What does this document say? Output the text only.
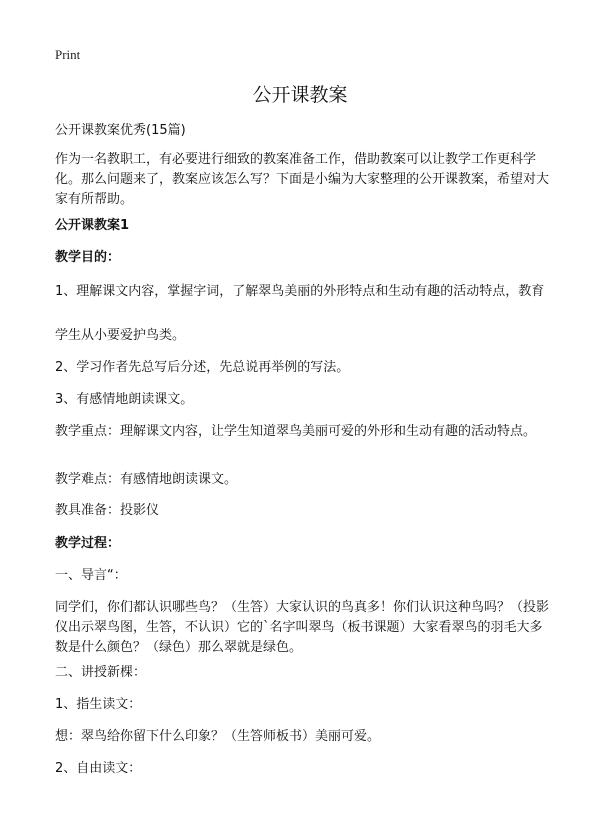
Print
公开课教案

公开课教案优秀(15篇)

作为一名教职工，有必要进行细致的教案准备工作，借助教案可以让教学工作更科学化。那么问题来了，教案应该怎么写？下面是小编为大家整理的公开课教案，希望对大家有所帮助。

公开课教案1

教学目的：

1、理解课文内容，掌握字词，了解翠鸟美丽的外形特点和生动有趣的活动特点，教育

学生从小要爱护鸟类。

2、学习作者先总写后分述，先总说再举例的写法。

3、有感情地朗读课文。

教学重点：理解课文内容，让学生知道翠鸟美丽可爱的外形和生动有趣的活动特点。

教学难点：有感情地朗读课文。

教具准备：投影仪

教学过程：

一、导言“：

同学们，你们都认识哪些鸟？（生答）大家认识的鸟真多！你们认识这种鸟吗？（投影仪出示翠鸟图，生答，不认识）它的`名字叫翠鸟（板书课题）大家看翠鸟的羽毛大多数是什么颜色？（绿色）那么翠就是绿色。

二、讲授新棵：

1、指生读文：

想：翠鸟给你留下什么印象？（生答师板书）美丽可爱。

2、自由读文：
